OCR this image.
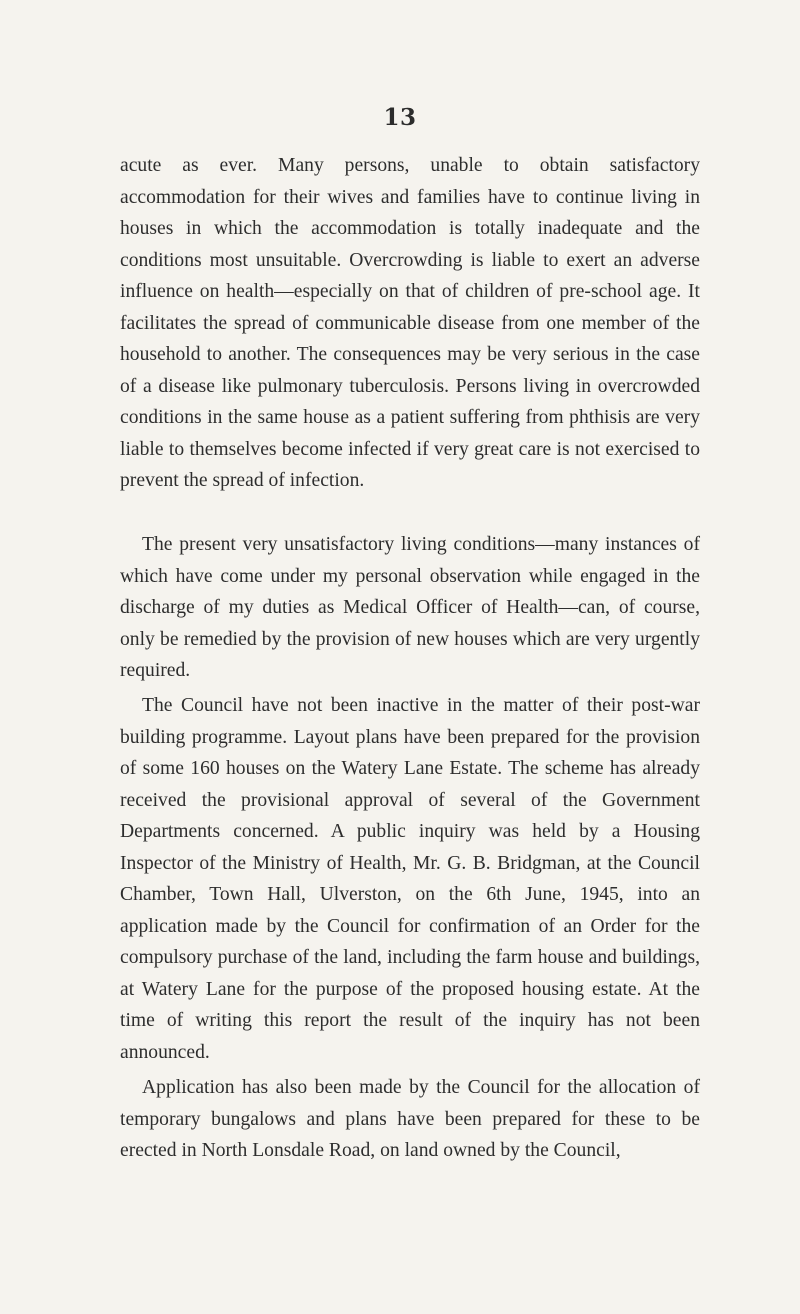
13

acute as ever. Many persons, unable to obtain satisfactory accommodation for their wives and families have to continue living in houses in which the accommodation is totally inadequate and the conditions most unsuitable. Overcrowding is liable to exert an adverse influence on health—especially on that of children of pre-school age. It facilitates the spread of communicable disease from one member of the household to another. The consequences may be very serious in the case of a disease like pulmonary tuberculosis. Persons living in overcrowded conditions in the same house as a patient suffering from phthisis are very liable to themselves become infected if very great care is not exercised to prevent the spread of infection.

The present very unsatisfactory living conditions—many instances of which have come under my personal observation while engaged in the discharge of my duties as Medical Officer of Health—can, of course, only be remedied by the provision of new houses which are very urgently required.

The Council have not been inactive in the matter of their post-war building programme. Layout plans have been prepared for the provision of some 160 houses on the Watery Lane Estate. The scheme has already received the provisional approval of several of the Government Departments concerned. A public inquiry was held by a Housing Inspector of the Ministry of Health, Mr. G. B. Bridgman, at the Council Chamber, Town Hall, Ulverston, on the 6th June, 1945, into an application made by the Council for confirmation of an Order for the compulsory purchase of the land, including the farm house and buildings, at Watery Lane for the purpose of the proposed housing estate. At the time of writing this report the result of the inquiry has not been announced.

Application has also been made by the Council for the allocation of temporary bungalows and plans have been prepared for these to be erected in North Lonsdale Road, on land owned by the Council,
